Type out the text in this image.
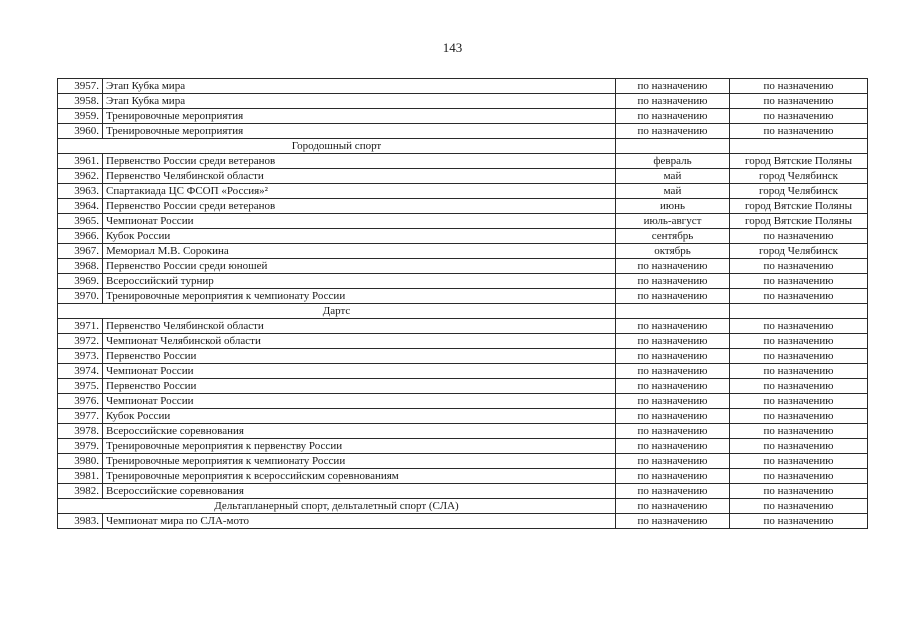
143
3957.	Этап Кубка мира	по назначению	по назначению
3958.	Этап Кубка мира	по назначению	по назначению
3959.	Тренировочные мероприятия	по назначению	по назначению
3960.	Тренировочные мероприятия	по назначению	по назначению
Городошный спорт			
3961.	Первенство России среди ветеранов	февраль	город Вятские Поляны
3962.	Первенство Челябинской области	май	город Челябинск
3963.	Спартакиада ЦС ФСОП «Россия»²	май	город Челябинск
3964.	Первенство России среди ветеранов	июнь	город Вятские Поляны
3965.	Чемпионат России	июль-август	город Вятские Поляны
3966.	Кубок России	сентябрь	по назначению
3967.	Мемориал М.В. Сорокина	октябрь	город Челябинск
3968.	Первенство России среди юношей	по назначению	по назначению
3969.	Всероссийский турнир	по назначению	по назначению
3970.	Тренировочные мероприятия к чемпионату России	по назначению	по назначению
Дартс			
3971.	Первенство Челябинской области	по назначению	по назначению
3972.	Чемпионат Челябинской области	по назначению	по назначению
3973.	Первенство России	по назначению	по назначению
3974.	Чемпионат России	по назначению	по назначению
3975.	Первенство России	по назначению	по назначению
3976.	Чемпионат России	по назначению	по назначению
3977.	Кубок России	по назначению	по назначению
3978.	Всероссийские соревнования	по назначению	по назначению
3979.	Тренировочные мероприятия к первенству России	по назначению	по назначению
3980.	Тренировочные мероприятия к чемпионату России	по назначению	по назначению
3981.	Тренировочные мероприятия к всероссийским соревнованиям	по назначению	по назначению
3982.	Всероссийские соревнования	по назначению	по назначению
Дельтапланерный спорт, дельталетный спорт (СЛА)		по назначению	по назначению
3983.	Чемпионат мира по СЛА-мото	по назначению	по назначению
